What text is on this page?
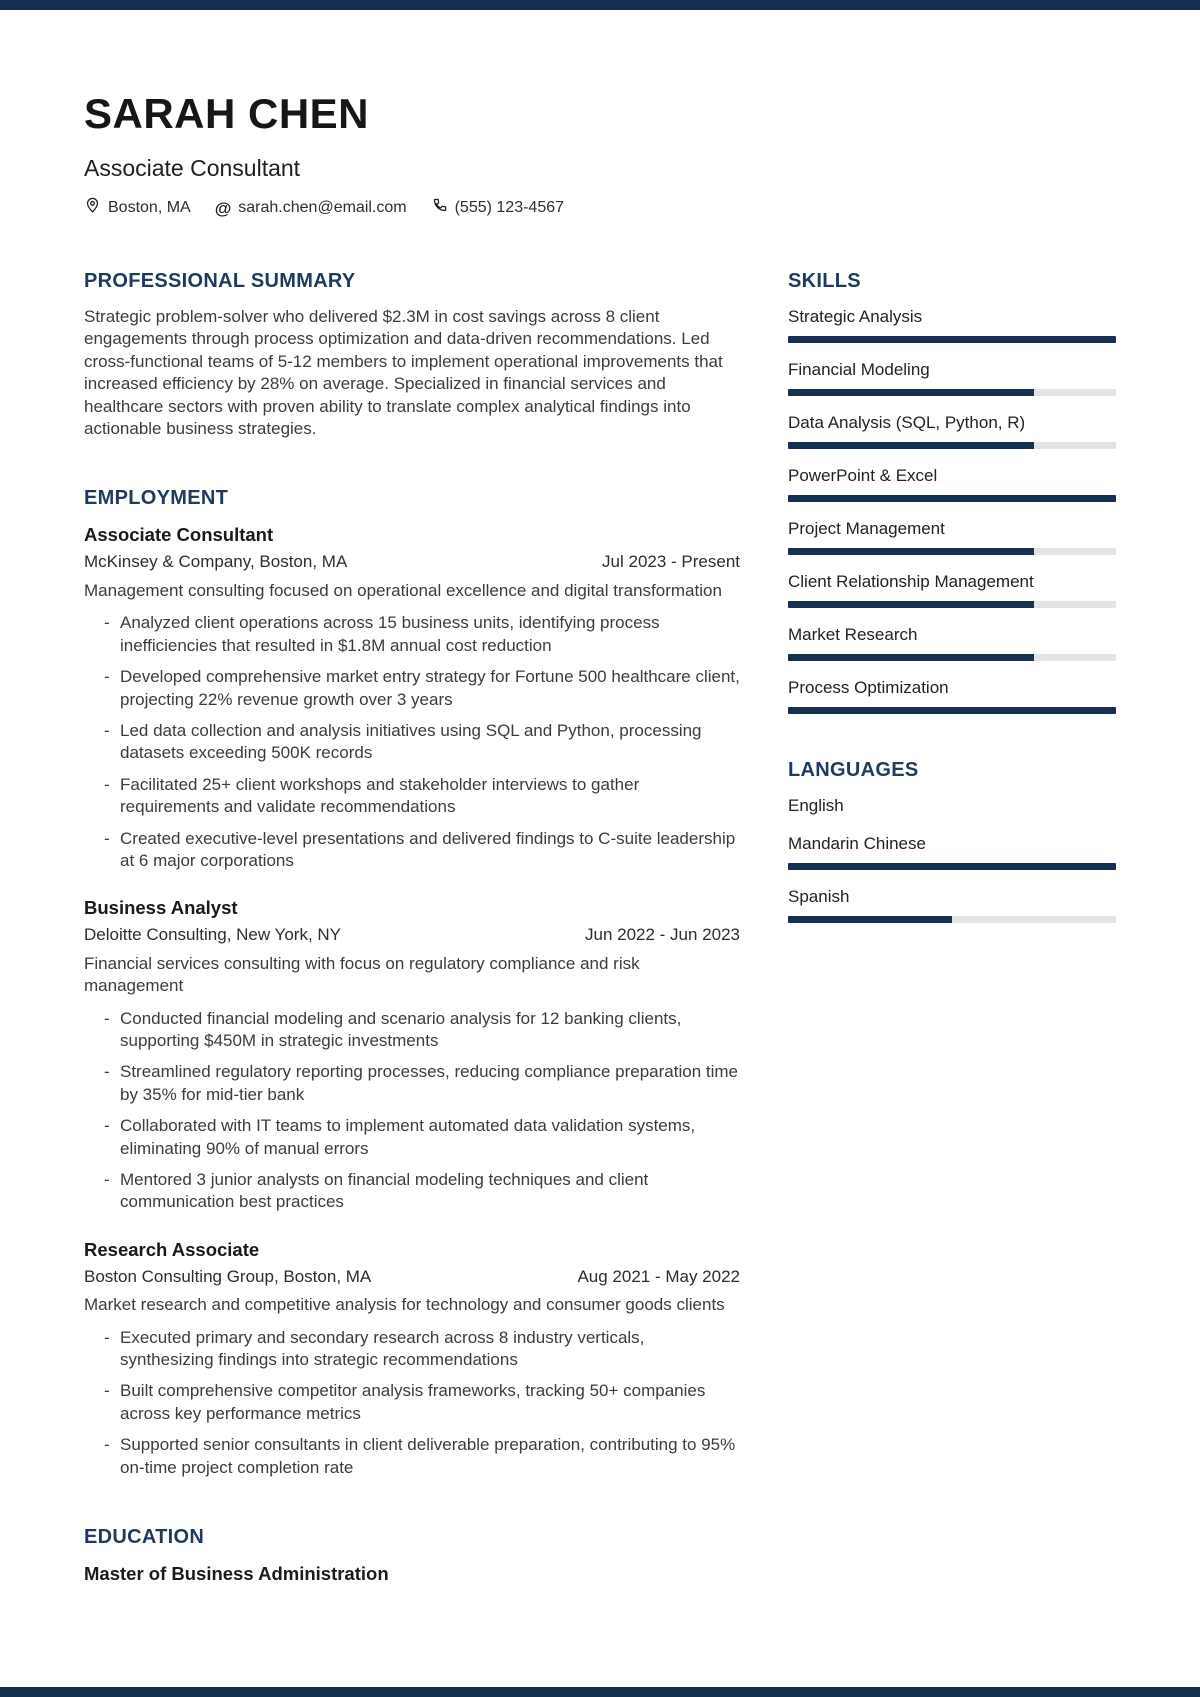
SARAH CHEN
Associate Consultant
Boston, MA @ sarah.chen@email.com	(555) 123-4567
PROFESSIONAL SUMMARY

Strategic problem-solver who delivered $2.3M in cost savings across 8 client engagements through process optimization and data-driven recommendations. Led cross-functional teams of 5-12 members to implement operational improvements that increased efficiency by 28% on average. Specialized in financial services and healthcare sectors with proven ability to translate complex analytical findings into actionable business strategies.

EMPLOYMENT
Associate Consultant
McKinsey & Company, Boston, MA	Jul 2023 - Present
Management consulting focused on operational excellence and digital transformation
- Analyzed client operations across 15 business units, identifying process inefficiencies that resulted in $1.8M annual cost reduction
- Developed comprehensive market entry strategy for Fortune 500 healthcare client, projecting 22% revenue growth over 3 years
- Led data collection and analysis initiatives using SQL and Python, processing datasets exceeding 500K records
- Facilitated 25+ client workshops and stakeholder interviews to gather requirements and validate recommendations
- Created executive-level presentations and delivered findings to C-suite leadership at 6 major corporations
Business Analyst
Deloitte Consulting, New York, NY	Jun 2022 - Jun 2023
Financial services consulting with focus on regulatory compliance and risk management
- Conducted financial modeling and scenario analysis for 12 banking clients, supporting $450M in strategic investments
- Streamlined regulatory reporting processes, reducing compliance preparation time by 35% for mid-tier bank
- Collaborated with IT teams to implement automated data validation systems, eliminating 90% of manual errors
- Mentored 3 junior analysts on financial modeling techniques and client communication best practices
Research Associate
Boston Consulting Group, Boston, MA	Aug 2021 - May 2022
Market research and competitive analysis for technology and consumer goods clients
- Executed primary and secondary research across 8 industry verticals, synthesizing findings into strategic recommendations
- Built comprehensive competitor analysis frameworks, tracking 50+ companies across key performance metrics
- Supported senior consultants in client deliverable preparation, contributing to 95% on-time project completion rate
EDUCATION
Master of Business Administration
SKILLS
Strategic Analysis
Financial Modeling
Data Analysis (SQL, Python, R)
PowerPoint & Excel
Project Management
Client Relationship Management
Market Research
Process Optimization
LANGUAGES
English
Mandarin Chinese
Spanish
